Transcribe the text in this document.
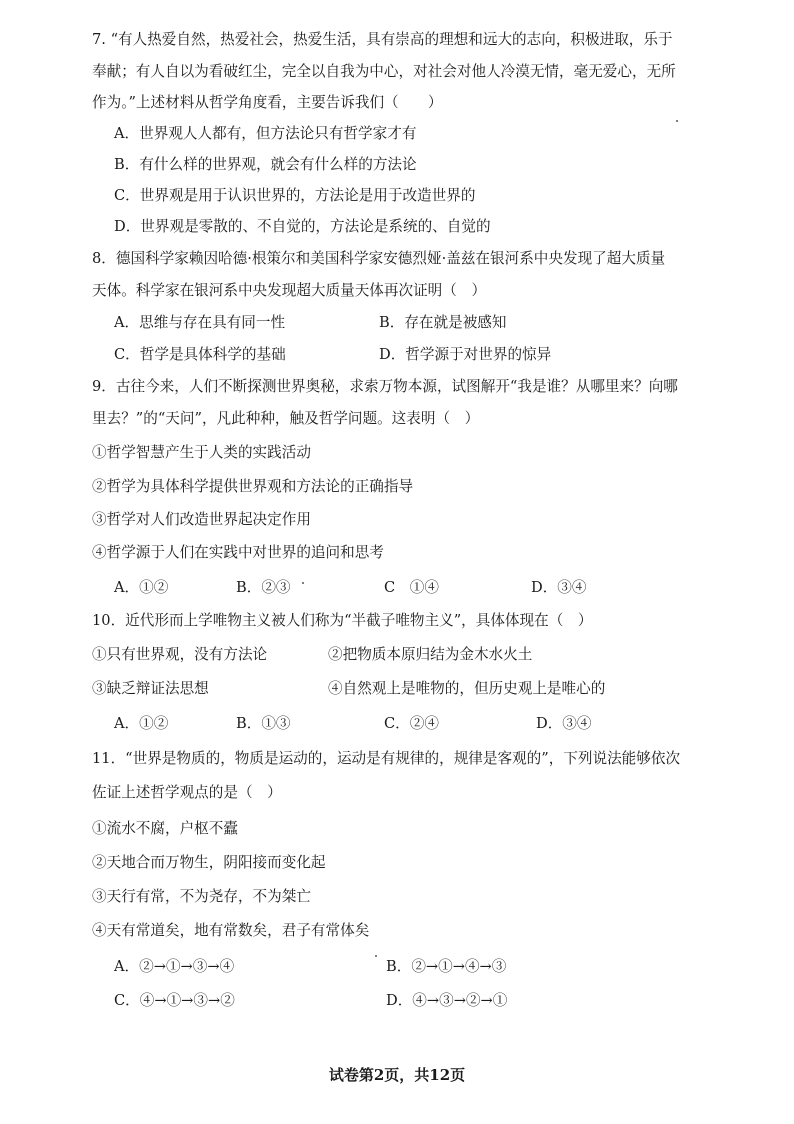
7. “有人热爱自然，热爱社会，热爱生活，具有崇高的理想和远大的志向，积极进取，乐于
奉献；有人自以为看破红尘，完全以自我为中心，对社会对他人冷漠无情，毫无爱心，无所
作为。”上述材料从哲学角度看，主要告诉我们（　　）
A．世界观人人都有，但方法论只有哲学家才有
B．有什么样的世界观，就会有什么样的方法论
C．世界观是用于认识世界的，方法论是用于改造世界的
D．世界观是零散的、不自觉的，方法论是系统的、自觉的
8．德国科学家赖因哈德·根策尔和美国科学家安德烈娅·盖兹在银河系中央发现了超大质量
天体。科学家在银河系中央发现超大质量天体再次证明（　）
A．思维与存在具有同一性	B．存在就是被感知
C．哲学是具体科学的基础	D．哲学源于对世界的惊异
9．古往今来，人们不断探测世界奥秘，求索万物本源，试图解开“我是谁？从哪里来？向哪
里去？”的“天问”，凡此种种，触及哲学问题。这表明（　）
①哲学智慧产生于人类的实践活动
②哲学为具体科学提供世界观和方法论的正确指导
③哲学对人们改造世界起决定作用
④哲学源于人们在实践中对世界的追问和思考
A．①②	B．②③	C　①④	D．③④
10．近代形而上学唯物主义被人们称为“半截子唯物主义”，具体体现在（　）
①只有世界观，没有方法论	②把物质本原归结为金木水火土
③缺乏辩证法思想	④自然观上是唯物的，但历史观上是唯心的
A．①②	B．①③	C．②④	D．③④
11．“世界是物质的，物质是运动的，运动是有规律的，规律是客观的”，下列说法能够依次
佐证上述哲学观点的是（　）
①流水不腐，户枢不蠹
②天地合而万物生，阴阳接而变化起
③天行有常，不为尧存，不为桀亡
④天有常道矣，地有常数矣，君子有常体矣
A．②→①→③→④	B．②→①→④→③
C．④→①→③→②	D．④→③→②→①
试卷第2页，共12页
